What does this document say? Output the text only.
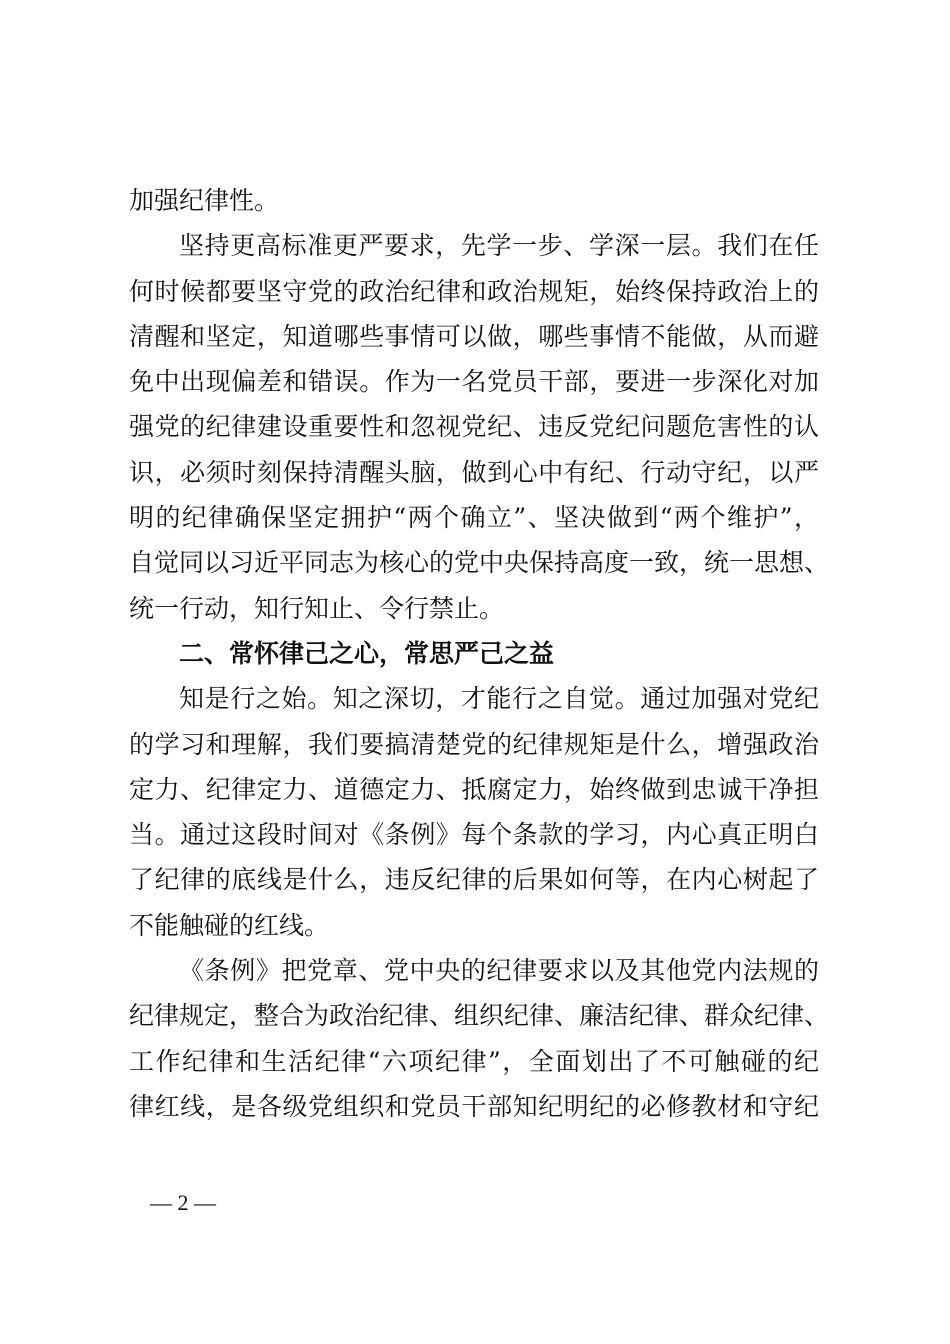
加强纪律性。
坚持更高标准更严要求，先学一步、学深一层。我们在任
何时候都要坚守党的政治纪律和政治规矩，始终保持政治上的
清醒和坚定，知道哪些事情可以做，哪些事情不能做，从而避
免中出现偏差和错误。作为一名党员干部，要进一步深化对加
强党的纪律建设重要性和忽视党纪、违反党纪问题危害性的认
识，必须时刻保持清醒头脑，做到心中有纪、行动守纪，以严
明的纪律确保坚定拥护“两个确立”、坚决做到“两个维护”，
自觉同以习近平同志为核心的党中央保持高度一致，统一思想、
统一行动，知行知止、令行禁止。
二、常怀律己之心，常思严己之益
知是行之始。知之深切，才能行之自觉。通过加强对党纪
的学习和理解，我们要搞清楚党的纪律规矩是什么，增强政治
定力、纪律定力、道德定力、抵腐定力，始终做到忠诚干净担
当。通过这段时间对《条例》每个条款的学习，内心真正明白
了纪律的底线是什么，违反纪律的后果如何等，在内心树起了
不能触碰的红线。
《条例》把党章、党中央的纪律要求以及其他党内法规的
纪律规定，整合为政治纪律、组织纪律、廉洁纪律、群众纪律、
工作纪律和生活纪律“六项纪律”，全面划出了不可触碰的纪
律红线，是各级党组织和党员干部知纪明纪的必修教材和守纪
— 2 —
